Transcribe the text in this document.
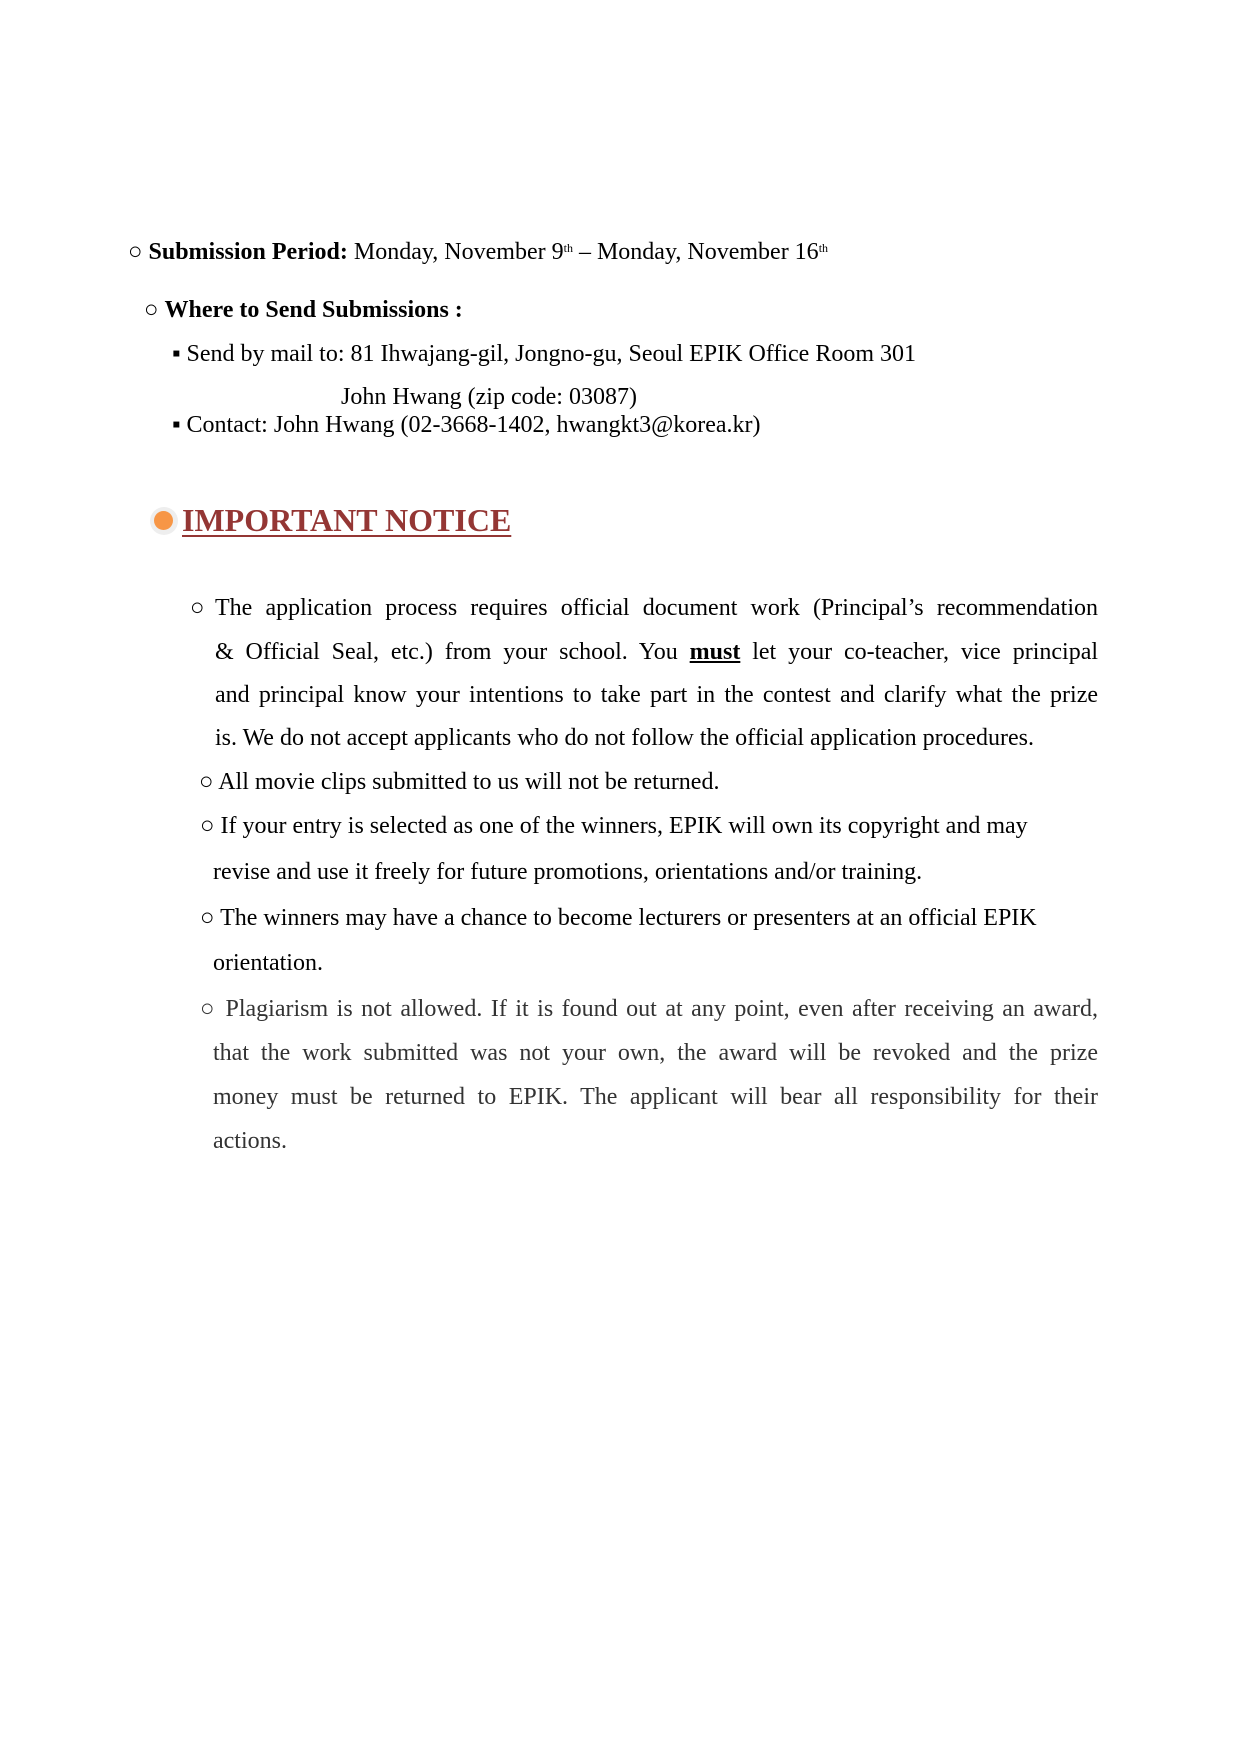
○ Submission Period: Monday, November 9th – Monday, November 16th
○ Where to Send Submissions :
▪ Send by mail to: 81 Ihwajang-gil, Jongno-gu, Seoul EPIK Office Room 301
John Hwang (zip code: 03087)
▪ Contact: John Hwang (02-3668-1402, hwangkt3@korea.kr)
IMPORTANT NOTICE
○ The application process requires official document work (Principal’s recommendation
& Official Seal, etc.) from your school. You must let your co-teacher, vice principal
and principal know your intentions to take part in the contest and clarify what the prize
is. We do not accept applicants who do not follow the official application procedures.
○ All movie clips submitted to us will not be returned.
○ If your entry is selected as one of the winners, EPIK will own its copyright and may
revise and use it freely for future promotions, orientations and/or training.
○ The winners may have a chance to become lecturers or presenters at an official EPIK
orientation.
○ Plagiarism is not allowed. If it is found out at any point, even after receiving an award,
that the work submitted was not your own, the award will be revoked and the prize
money must be returned to EPIK. The applicant will bear all responsibility for their
actions.
